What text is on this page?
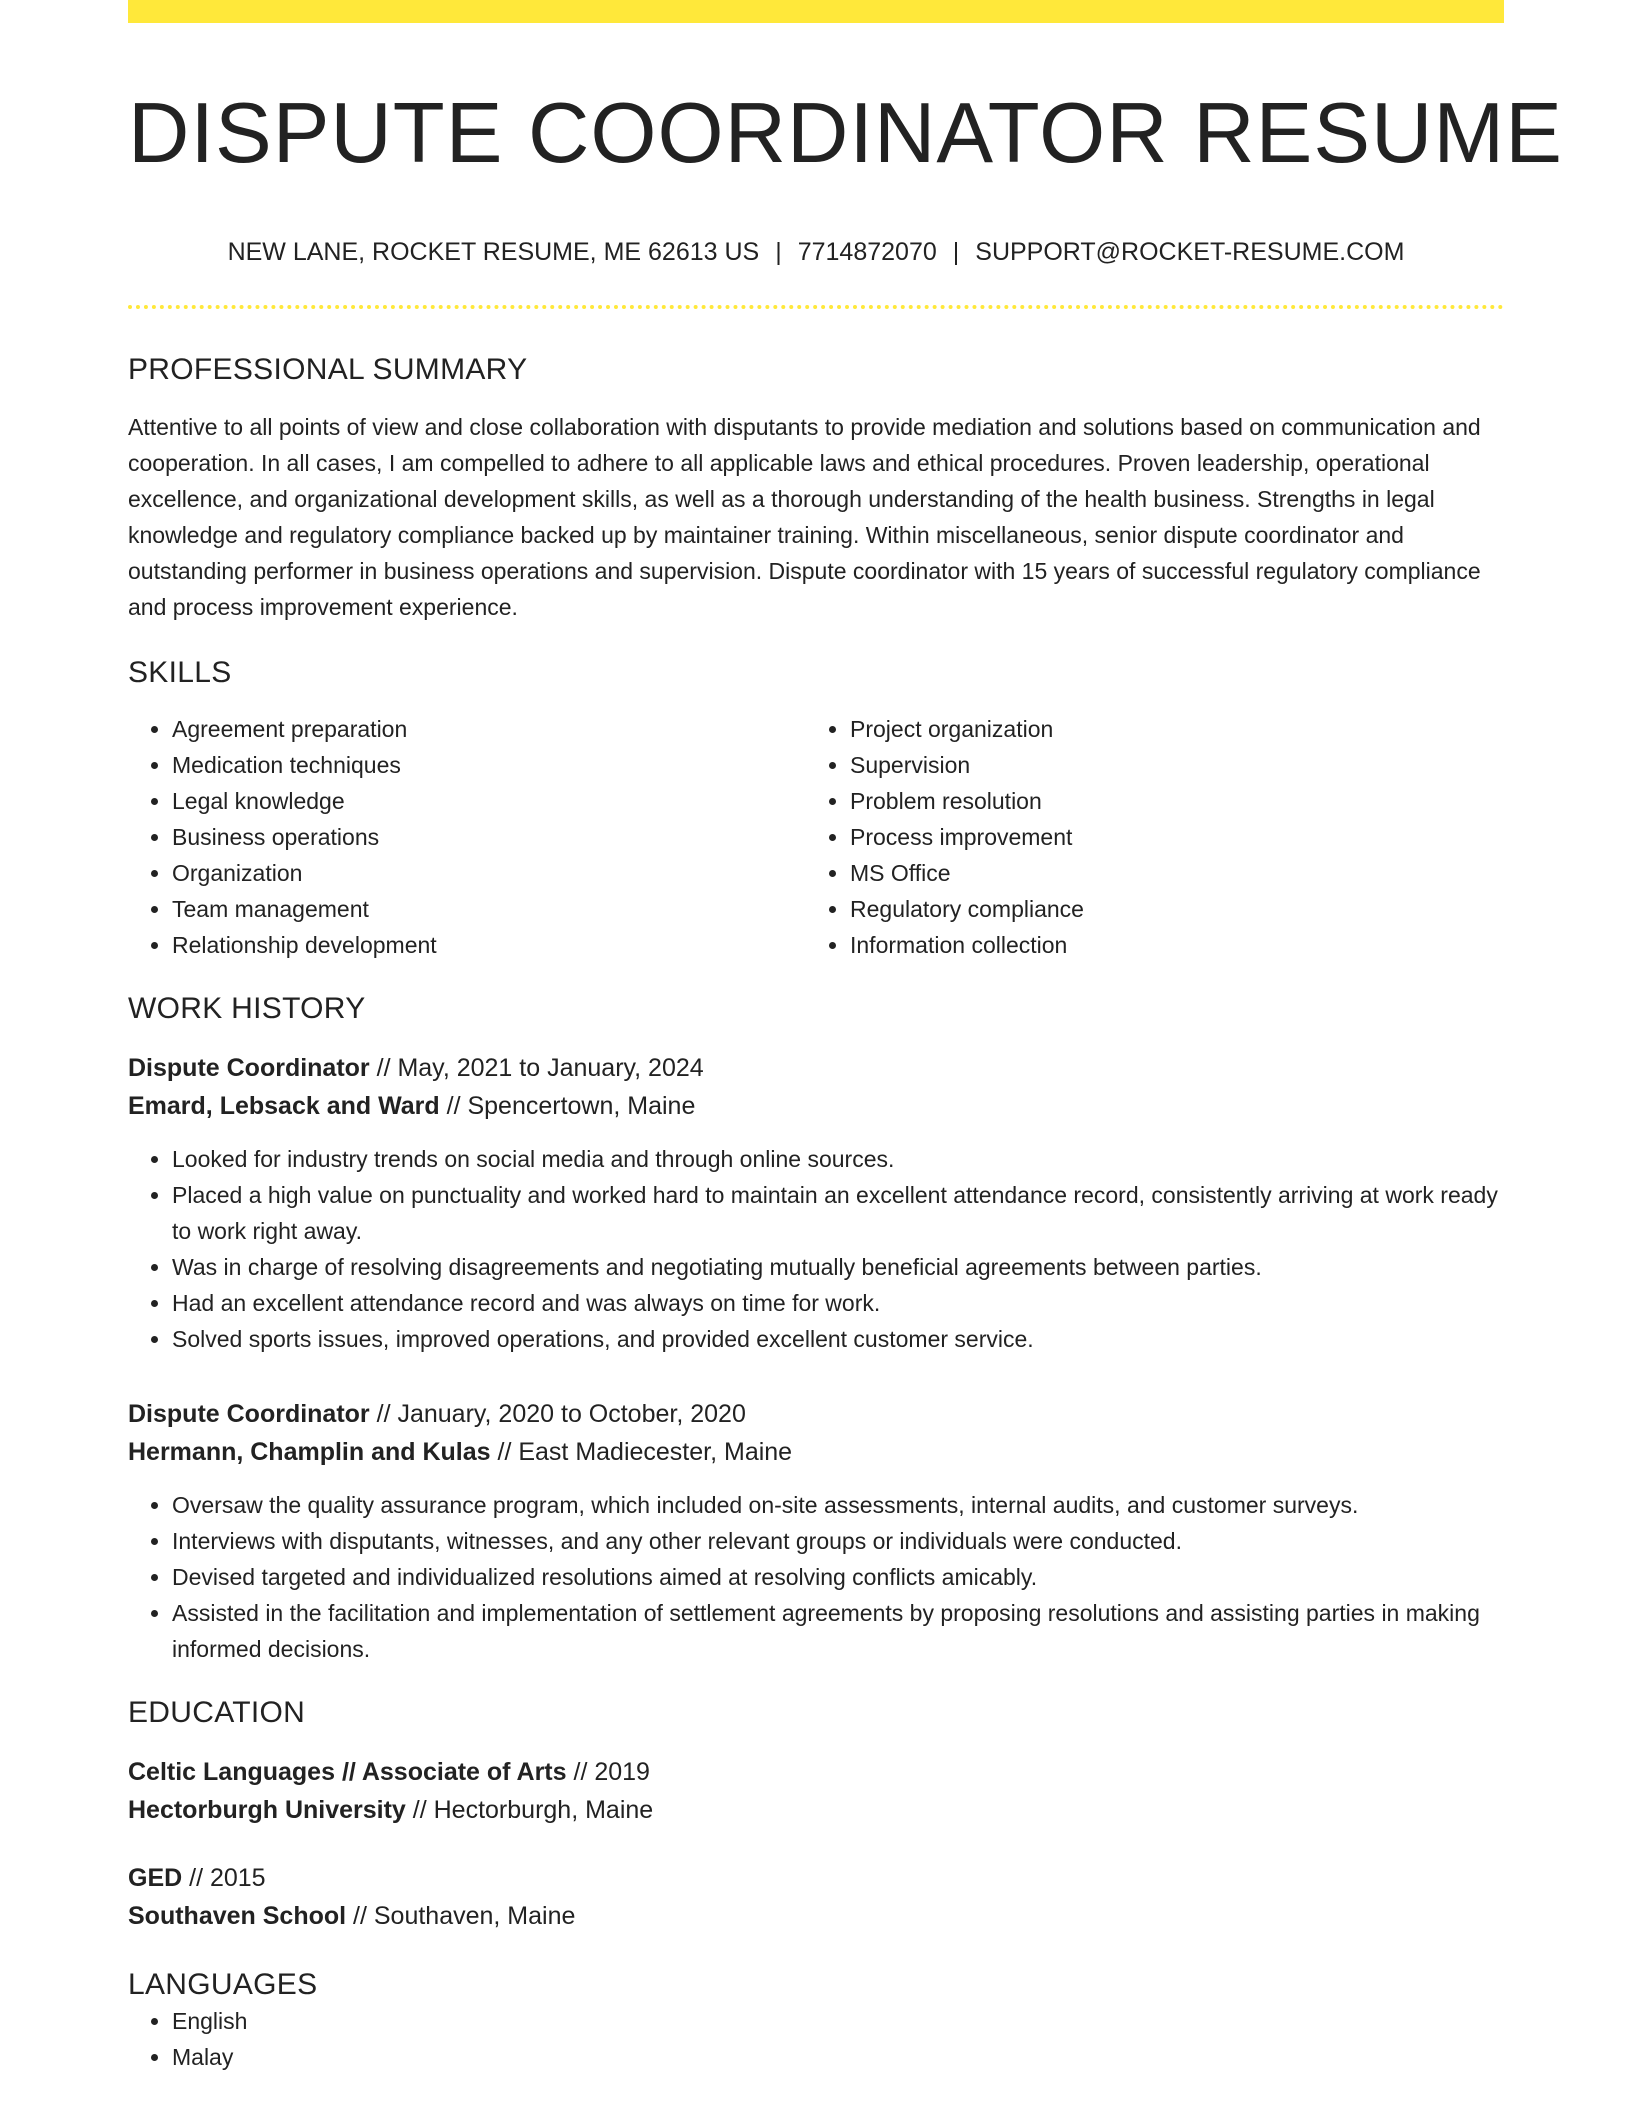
DISPUTE COORDINATOR RESUME
NEW LANE, ROCKET RESUME, ME 62613 US | 7714872070 | SUPPORT@ROCKET-RESUME.COM
PROFESSIONAL SUMMARY

Attentive to all points of view and close collaboration with disputants to provide mediation and solutions based on communication and cooperation. In all cases, I am compelled to adhere to all applicable laws and ethical procedures. Proven leadership, operational excellence, and organizational development skills, as well as a thorough understanding of the health business. Strengths in legal knowledge and regulatory compliance backed up by maintainer training. Within miscellaneous, senior dispute coordinator and outstanding performer in business operations and supervision. Dispute coordinator with 15 years of successful regulatory compliance and process improvement experience.

SKILLS
• Agreement preparation
• Medication techniques
• Legal knowledge
• Business operations
• Organization
• Team management
• Relationship development
• Project organization
• Supervision
• Problem resolution
• Process improvement
• MS Office
• Regulatory compliance
• Information collection
WORK HISTORY

Dispute Coordinator // May, 2021 to January, 2024

Emard, Lebsack and Ward // Spencertown, Maine

• Looked for industry trends on social media and through online sources.
• Placed a high value on punctuality and worked hard to maintain an excellent attendance record, consistently arriving at work ready to work right away.
• Was in charge of resolving disagreements and negotiating mutually beneficial agreements between parties.
• Had an excellent attendance record and was always on time for work.
• Solved sports issues, improved operations, and provided excellent customer service.

Dispute Coordinator // January, 2020 to October, 2020

Hermann, Champlin and Kulas // East Madiecester, Maine

• Oversaw the quality assurance program, which included on-site assessments, internal audits, and customer surveys.
• Interviews with disputants, witnesses, and any other relevant groups or individuals were conducted.
• Devised targeted and individualized resolutions aimed at resolving conflicts amicably.
• Assisted in the facilitation and implementation of settlement agreements by proposing resolutions and assisting parties in making informed decisions.
EDUCATION

Celtic Languages // Associate of Arts // 2019

Hectorburgh University // Hectorburgh, Maine

GED // 2015

Southaven School // Southaven, Maine

LANGUAGES
• English
• Malay
